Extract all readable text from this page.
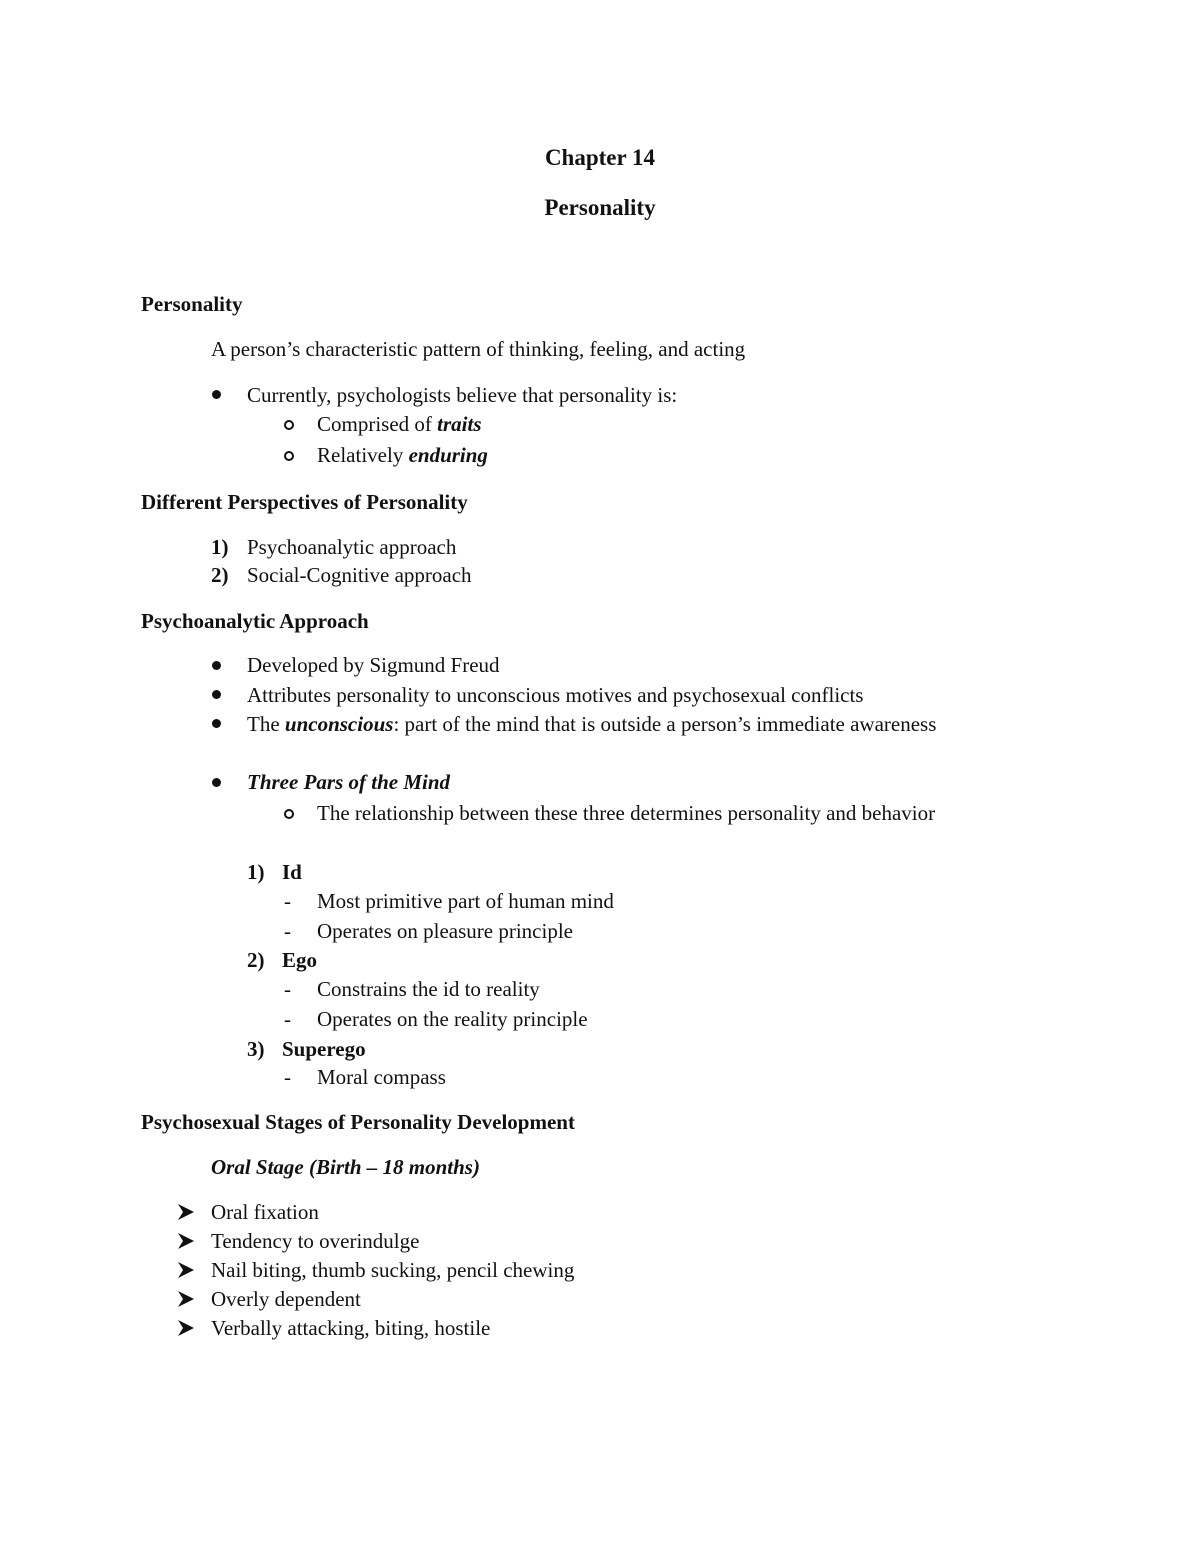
Chapter 14
Personality
Personality
A person’s characteristic pattern of thinking, feeling, and acting
Currently, psychologists believe that personality is:
Comprised of traits
Relatively enduring
Different Perspectives of Personality
1) Psychoanalytic approach
2) Social-Cognitive approach
Psychoanalytic Approach
Developed by Sigmund Freud
Attributes personality to unconscious motives and psychosexual conflicts
The unconscious: part of the mind that is outside a person’s immediate awareness
Three Pars of the Mind
The relationship between these three determines personality and behavior
1) Id
- Most primitive part of human mind
- Operates on pleasure principle
2) Ego
- Constrains the id to reality
- Operates on the reality principle
3) Superego
- Moral compass
Psychosexual Stages of Personality Development
Oral Stage (Birth – 18 months)
Oral fixation
Tendency to overindulge
Nail biting, thumb sucking, pencil chewing
Overly dependent
Verbally attacking, biting, hostile
